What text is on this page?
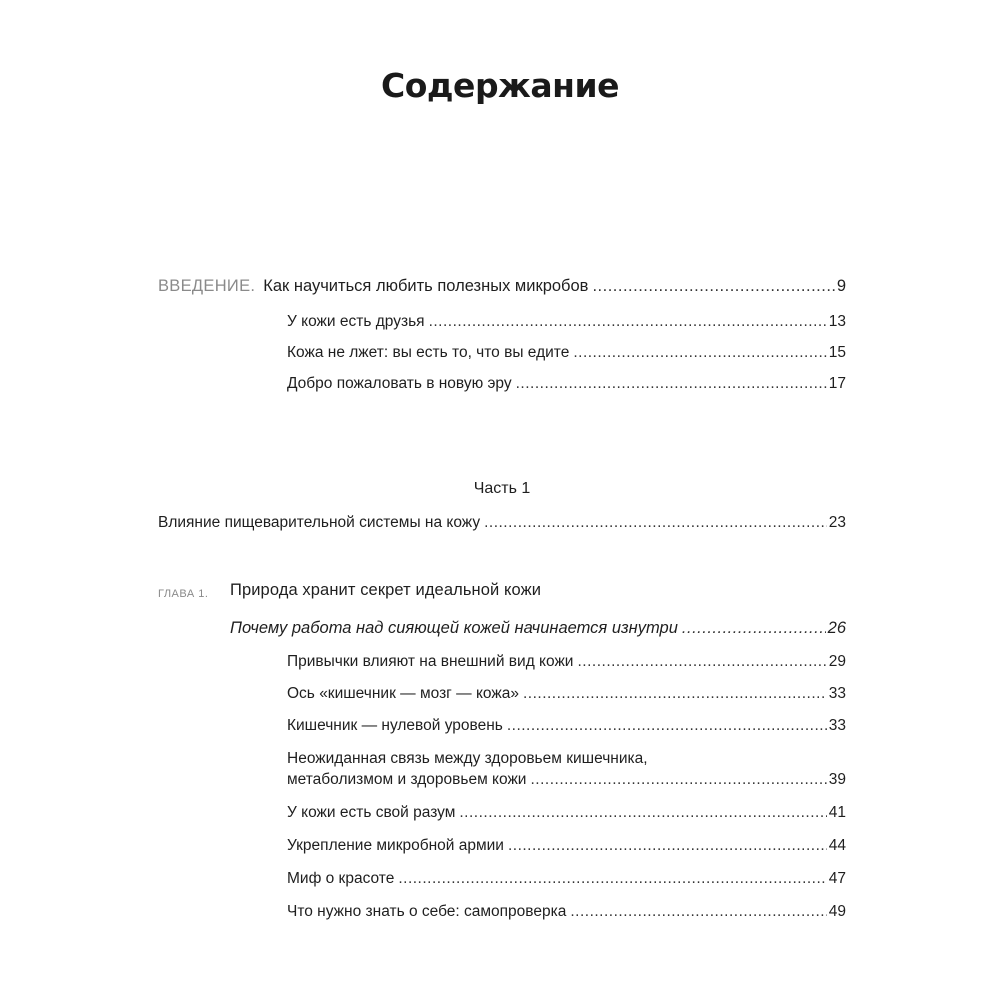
Содержание
ВВЕДЕНИЕ. Как научиться любить полезных микробов .....	9
У кожи есть друзья .....	13
Кожа не лжет: вы есть то, что вы едите .....	15
Добро пожаловать в новую эру .....	17
Часть 1
Влияние пищеварительной системы на кожу .....	23
ГЛАВА 1. Природа хранит секрет идеальной кожи
Почему работа над сияющей кожей начинается изнутри .....	26
Привычки влияют на внешний вид кожи .....	29
Ось «кишечник — мозг — кожа» .....	33
Кишечник — нулевой уровень .....	33
Неожиданная связь между здоровьем кишечника,
метаболизмом и здоровьем кожи .....	39
У кожи есть свой разум .....	41
Укрепление микробной армии .....	44
Миф о красоте .....	47
Что нужно знать о себе: самопроверка .....	49
